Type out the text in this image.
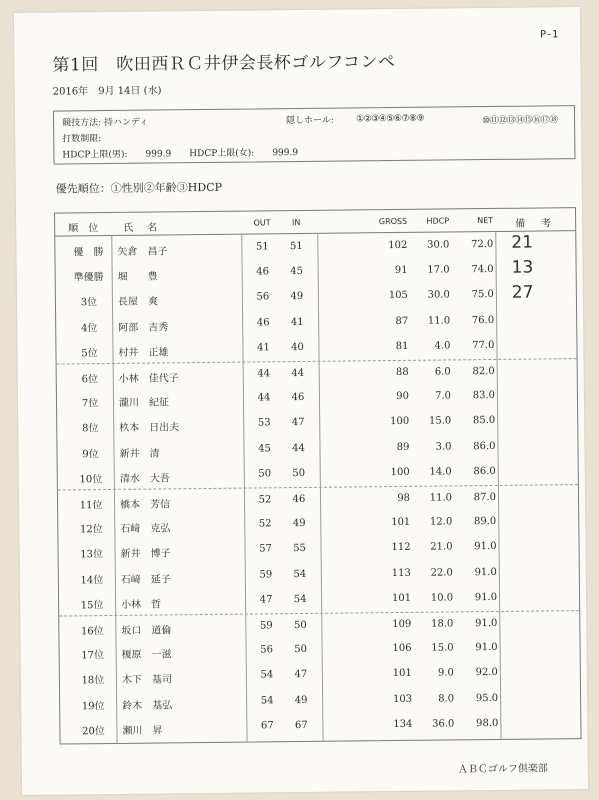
P-1
第1回　吹田西ＲＣ井伊会長杯ゴルフコンペ
2016年　9月 14日 (水)
競技方法: 持ハンディ	隠しホール: ①②③④⑤⑥⑦⑧⑨	⑩⑪⑫⑬⑭⑮⑯⑰⑱
打数制限:
HDCP上限(男):　　999.9　　HDCP上限(女):　　999.9
優先順位：①性別②年齢③HDCP
順位	氏名	OUT	IN	GROSS	HDCP	NET 備考
優　勝	矢倉　昌子	51	51	102	30.0	72.0 21
準優勝	堀　　豊	46	45	91	17.0	74.0 13
3位	長屋　爽	56	49	105	30.0	75.0 27
4位	阿部　吉秀	46	41	87	11.0	76.0
5位	村井　正雄	41	40	81	4.0	77.0
6位	小林　佳代子	44	44	88	6.0	82.0
7位	瀧川　紀征	44	46	90	7.0	83.0
8位	杦本　日出夫	53	47	100	15.0	85.0
9位	新井　清	45	44	89	3.0	86.0
10位	清水　大吾	50	50	100	14.0	86.0
11位	橋本　芳信	52	46	98	11.0	87.0
12位	石﨑　克弘	52	49	101	12.0	89.0
13位	新井　博子	57	55	112	21.0	91.0
14位	石﨑　延子	59	54	113	22.0	91.0
15位	小林　哲	47	54	101	10.0	91.0
16位	坂口　道倫	59	50	109	18.0	91.0
17位	榎原　一滋	56	50	106	15.0	91.0
18位	木下　基司	54	47	101	9.0	92.0
19位	鈴木　基弘	54	49	103	8.0	95.0
20位	瀬川　昇	67	67	134	36.0	98.0
ＡＢＣゴルフ倶楽部
